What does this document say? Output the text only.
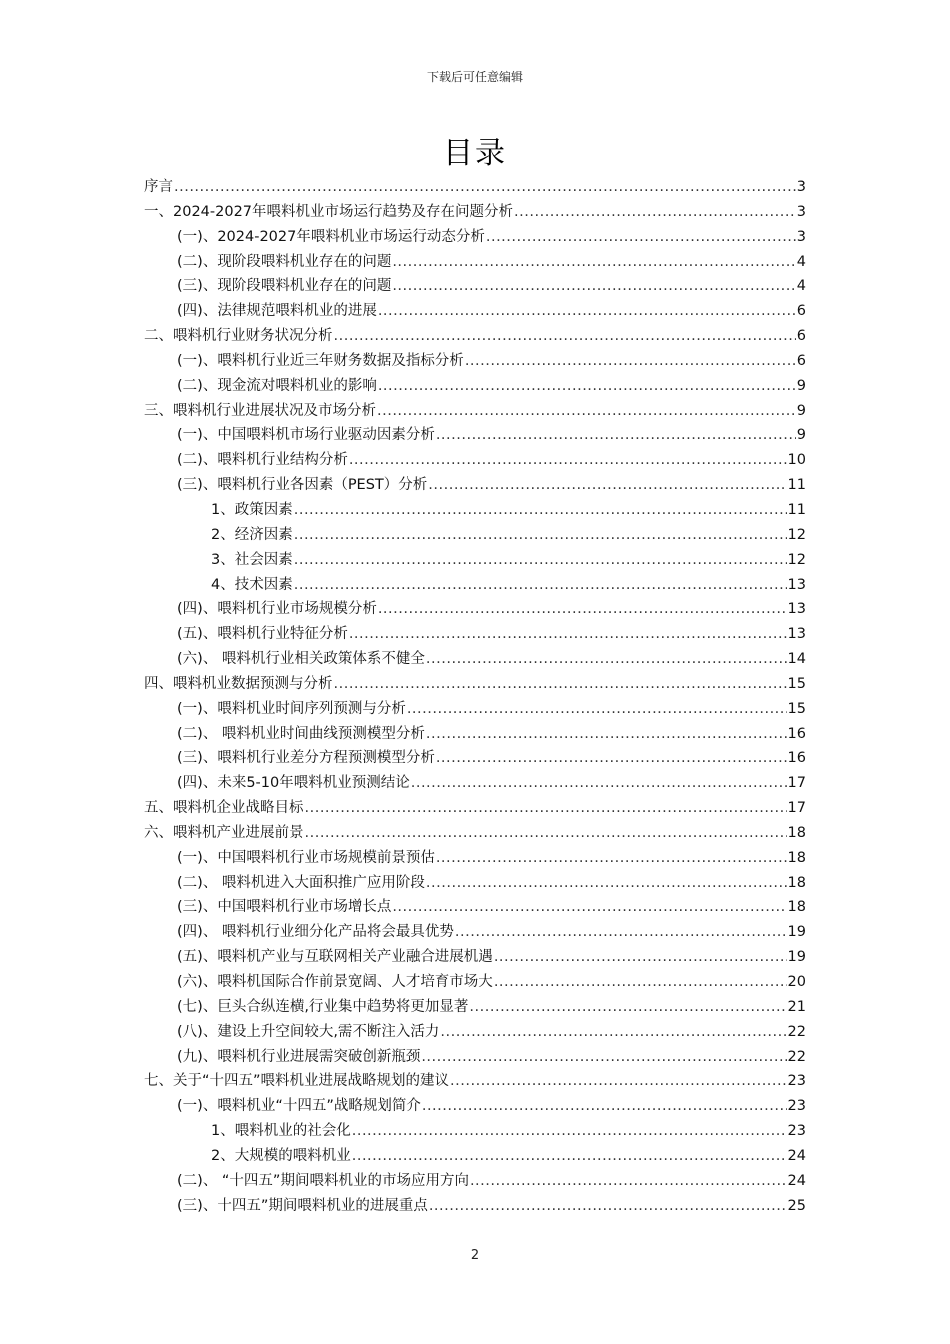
下载后可任意编辑
目录
序言 .....	3
一、2024-2027年喂料机业市场运行趋势及存在问题分析 .....	3
(一)、2024-2027年喂料机业市场运行动态分析 .....	3
(二)、现阶段喂料机业存在的问题 .....	4
(三)、现阶段喂料机业存在的问题 .....	4
(四)、法律规范喂料机业的进展 .....	6
二、喂料机行业财务状况分析 .....	6
(一)、喂料机行业近三年财务数据及指标分析 .....	6
(二)、现金流对喂料机业的影响 .....	9
三、喂料机行业进展状况及市场分析 .....	9
(一)、中国喂料机市场行业驱动因素分析 .....	9
(二)、喂料机行业结构分析 .....	10
(三)、喂料机行业各因素（PEST）分析 .....	11
1、政策因素 .....	11
2、经济因素 .....	12
3、社会因素 .....	12
4、技术因素 .....	13
(四)、喂料机行业市场规模分析 .....	13
(五)、喂料机行业特征分析 .....	13
(六)、 喂料机行业相关政策体系不健全 .....	14
四、喂料机业数据预测与分析 .....	15
(一)、喂料机业时间序列预测与分析 .....	15
(二)、 喂料机业时间曲线预测模型分析 .....	16
(三)、喂料机行业差分方程预测模型分析 .....	16
(四)、未来5-10年喂料机业预测结论 .....	17
五、喂料机企业战略目标 .....	17
六、喂料机产业进展前景 .....	18
(一)、中国喂料机行业市场规模前景预估 .....	18
(二)、 喂料机进入大面积推广应用阶段 .....	18
(三)、中国喂料机行业市场增长点 .....	18
(四)、 喂料机行业细分化产品将会最具优势 .....	19
(五)、喂料机产业与互联网相关产业融合进展机遇 .....	19
(六)、喂料机国际合作前景宽阔、人才培育市场大 .....	20
(七)、巨头合纵连横,行业集中趋势将更加显著 .....	21
(八)、建设上升空间较大,需不断注入活力 .....	22
(九)、喂料机行业进展需突破创新瓶颈 .....	22
七、关于“十四五”喂料机业进展战略规划的建议 .....	23
(一)、喂料机业“十四五”战略规划简介 .....	23
1、喂料机业的社会化 .....	23
2、大规模的喂料机业 .....	24
(二)、 “十四五”期间喂料机业的市场应用方向 .....	24
(三)、十四五”期间喂料机业的进展重点 .....	25
2
